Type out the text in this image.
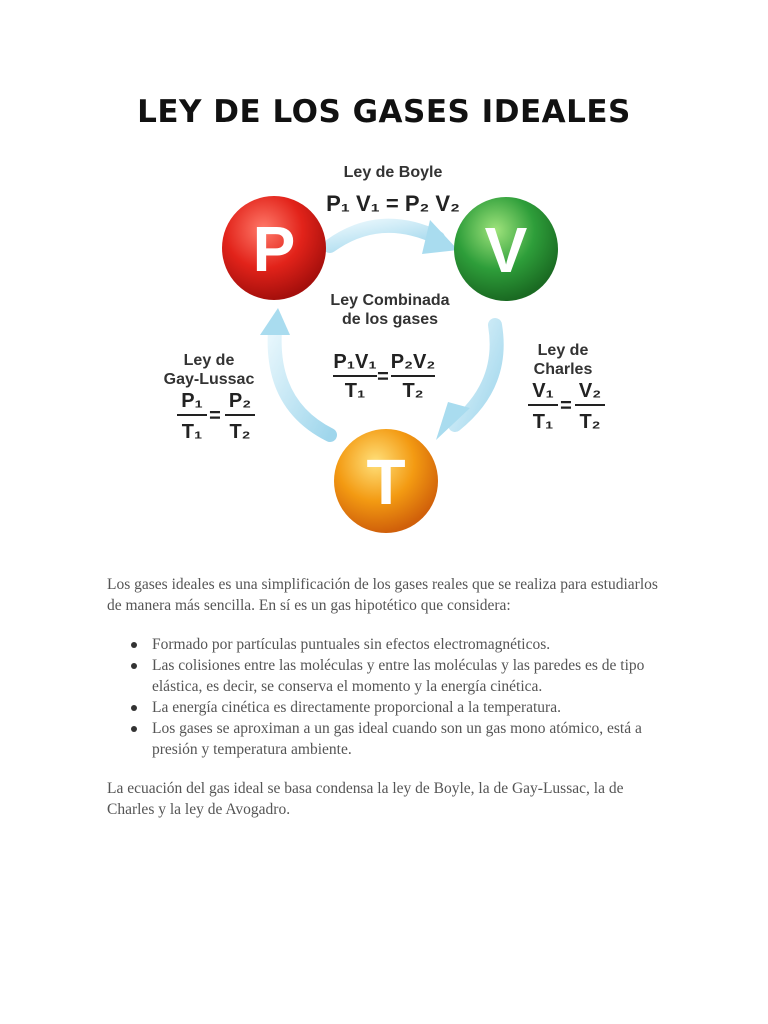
LEY DE LOS GASES IDEALES
P	V
T
Ley de Boyle
P₁ V₁ = P₂ V₂
Ley Combinada
de los gases
P₁V₁
T₁
=
P₂V₂
T₂
Ley de
Gay-Lussac
P₁
T₁
=
P₂
T₂
Ley de
Charles
V₁
T₁
=
V₂
T₂

Los gases ideales es una simplificación de los gases reales que se realiza para estudiarlos de manera más sencilla. En sí es un gas hipotético que considera:

Formado por partículas puntuales sin efectos electromagnéticos.
Las colisiones entre las moléculas y entre las moléculas y las paredes es de tipo elástica, es decir, se conserva el momento y la energía cinética.
La energía cinética es directamente proporcional a la temperatura.
Los gases se aproximan a un gas ideal cuando son un gas mono atómico, está a presión y temperatura ambiente.

La ecuación del gas ideal se basa condensa la ley de Boyle, la de Gay-Lussac, la de Charles y la ley de Avogadro.
